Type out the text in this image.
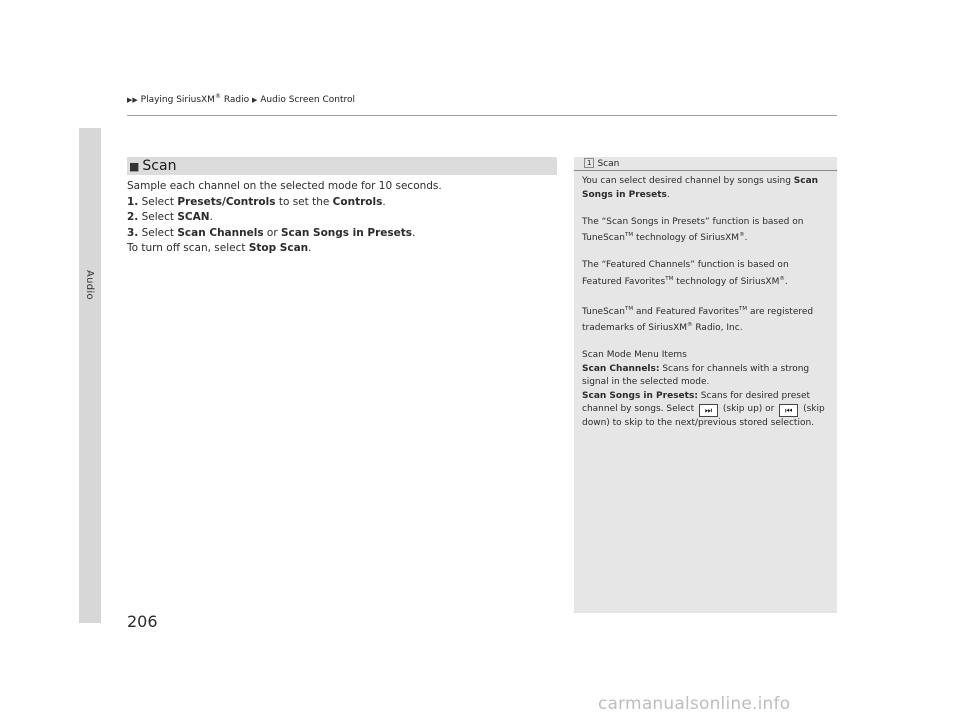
Audio
▶▶ Playing SiriusXM® Radio ▶ Audio Screen Control
■ Scan

Sample each channel on the selected mode for 10 seconds.

1. Select Presets/Controls to set the Controls.

2. Select SCAN.

3. Select Scan Channels or Scan Songs in Presets.

To turn off scan, select Stop Scan.

1 Scan

You can select desired channel by songs using Scan
Songs in Presets.

The “Scan Songs in Presets” function is based on
TuneScan™ technology of SiriusXM®.

The “Featured Channels” function is based on
Featured Favorites™ technology of SiriusXM®.

TuneScan™ and Featured Favorites™ are registered
trademarks of SiriusXM® Radio, Inc.

Scan Mode Menu Items

Scan Channels: Scans for channels with a strong
signal in the selected mode.

Scan Songs in Presets: Scans for desired preset
channel by songs. Select ⏭ (skip up) or ⏮ (skip
down) to skip to the next/previous stored selection.

206
carmanualsonline.info
